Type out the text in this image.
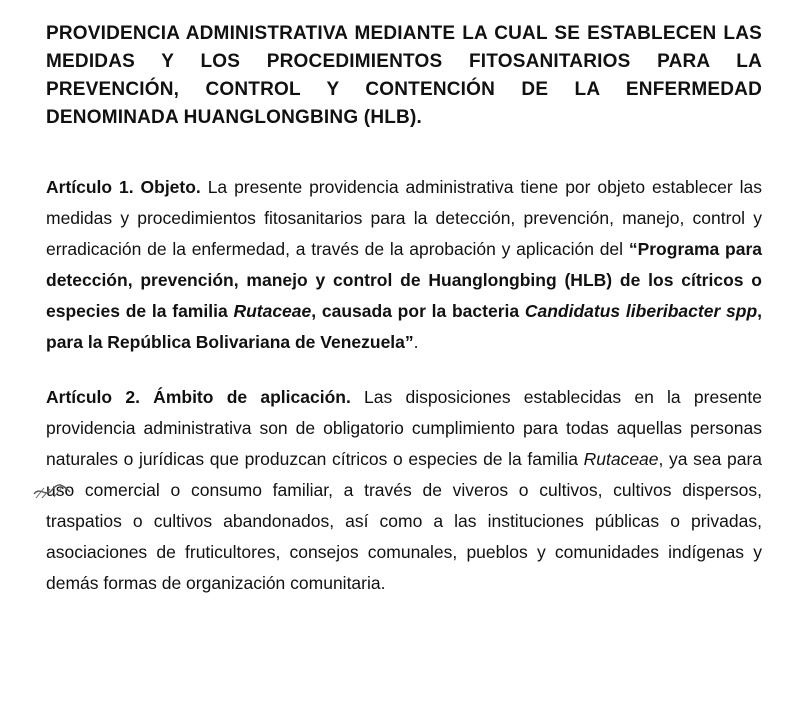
PROVIDENCIA ADMINISTRATIVA MEDIANTE LA CUAL SE ESTABLECEN LAS MEDIDAS Y LOS PROCEDIMIENTOS FITOSANITARIOS PARA LA PREVENCIÓN, CONTROL Y CONTENCIÓN DE LA ENFERMEDAD DENOMINADA HUANGLONGBING (HLB).

Artículo 1. Objeto. La presente providencia administrativa tiene por objeto establecer las medidas y procedimientos fitosanitarios para la detección, prevención, manejo, control y erradicación de la enfermedad, a través de la aprobación y aplicación del “Programa para detección, prevención, manejo y control de Huanglongbing (HLB) de los cítricos o especies de la familia Rutaceae, causada por la bacteria Candidatus liberibacter spp, para la República Bolivariana de Venezuela”.

Artículo 2. Ámbito de aplicación. Las disposiciones establecidas en la presente providencia administrativa son de obligatorio cumplimiento para todas aquellas personas naturales o jurídicas que produzcan cítricos o especies de la familia Rutaceae, ya sea para uso comercial o consumo familiar, a través de viveros o cultivos, cultivos dispersos, traspatios o cultivos abandonados, así como a las instituciones públicas o privadas, asociaciones de fruticultores, consejos comunales, pueblos y comunidades indígenas y demás formas de organización comunitaria.
